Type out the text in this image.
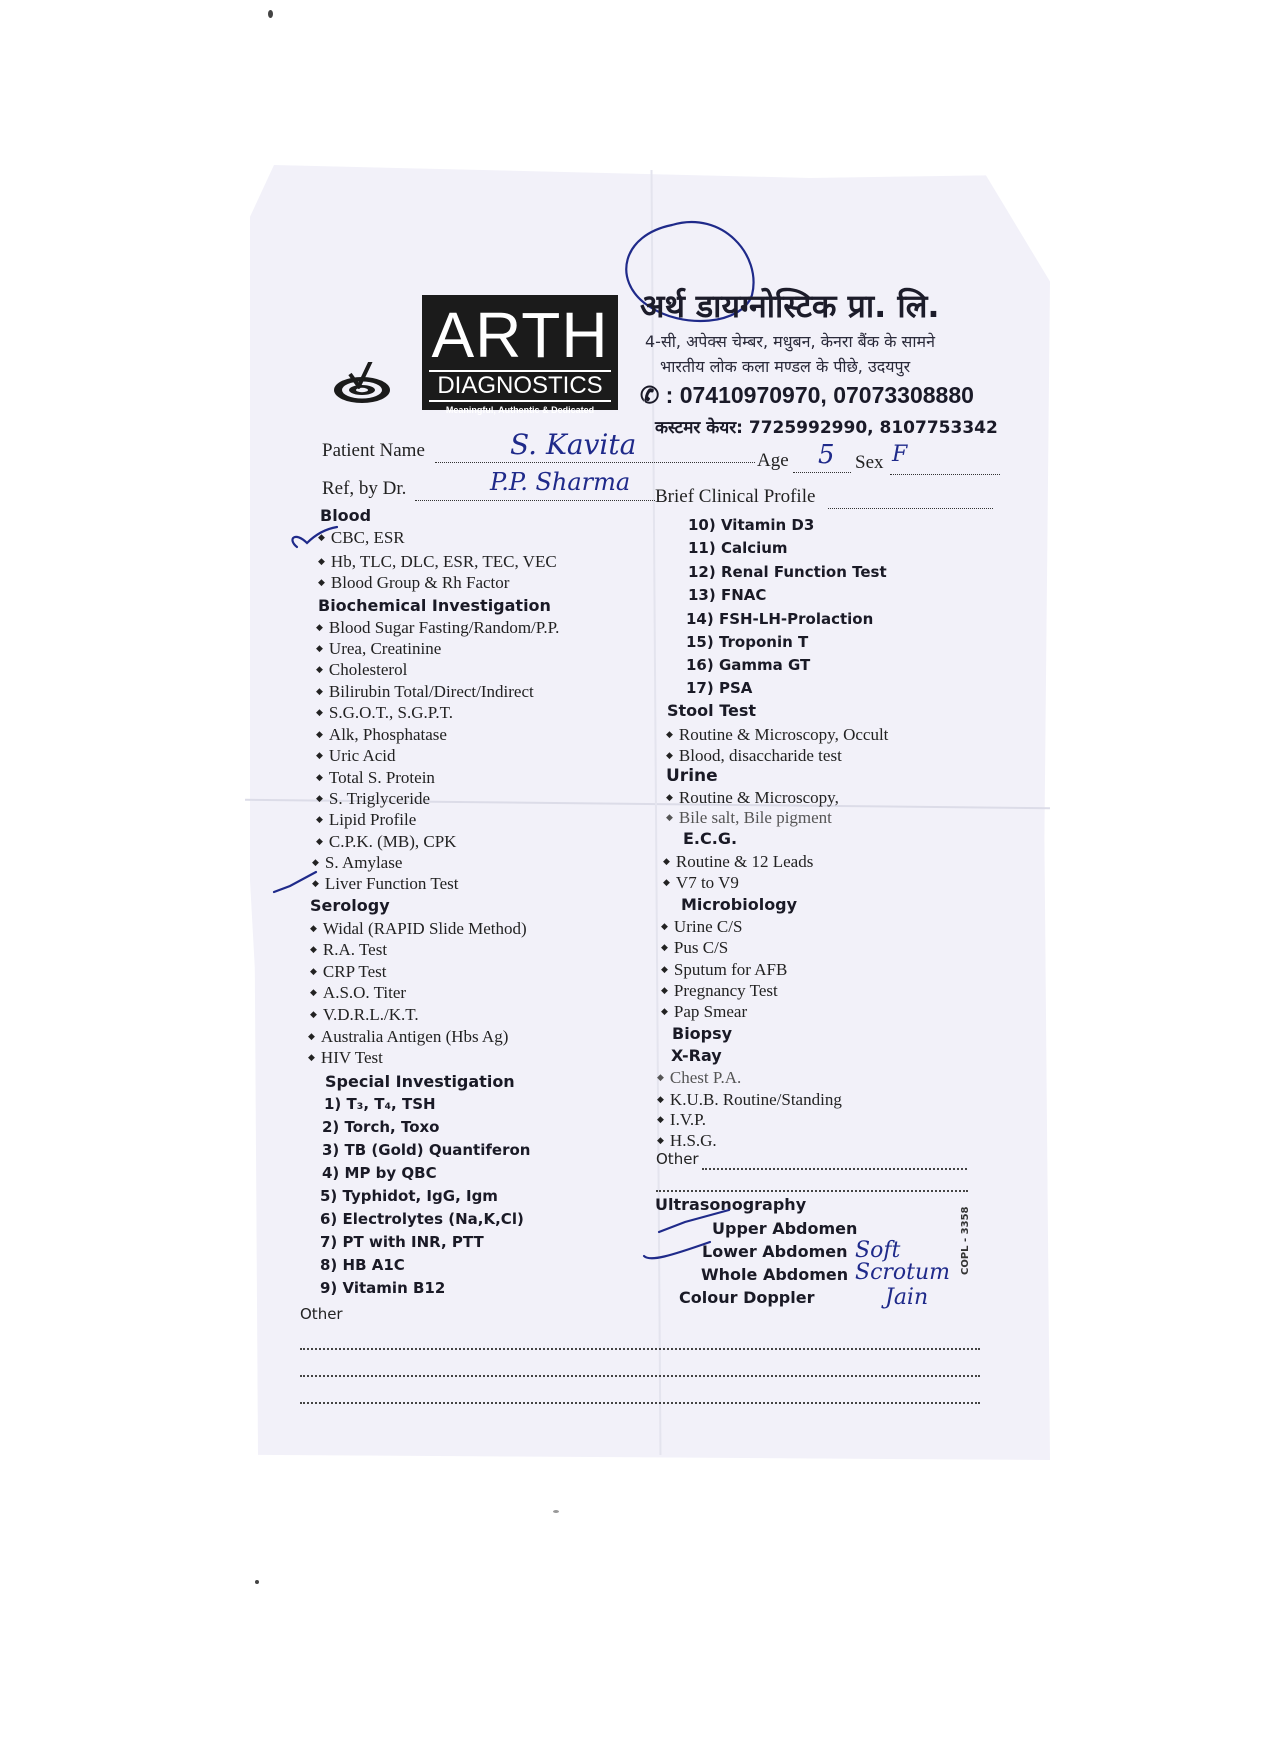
ARTH
DIAGNOSTICS
Meaningful, Authentic & Dedicated
अर्थ डायग्नोस्टिक प्रा. लि.
4-सी, अपेक्स चेम्बर, मधुबन, केनरा बैंक के सामने
भारतीय लोक कला मण्डल के पीछे, उदयपुर
✆ : 07410970970, 07073308880
कस्टमर केयर: 7725992990, 8107753342
Patient Name	S. Kavita	Age 5 Sex F
Ref, by Dr.	P.P. Sharma
Brief Clinical Profile
Blood
◆ CBC, ESR
◆ Hb, TLC, DLC, ESR, TEC, VEC
◆ Blood Group & Rh Factor
Biochemical Investigation
◆ Blood Sugar Fasting/Random/P.P.
◆ Urea, Creatinine
◆ Cholesterol
◆ Bilirubin Total/Direct/Indirect
◆ S.G.O.T., S.G.P.T.
◆ Alk, Phosphatase
◆ Uric Acid
◆ Total S. Protein
◆ S. Triglyceride
◆ Lipid Profile
◆ C.P.K. (MB), CPK
◆ S. Amylase
◆ Liver Function Test
Serology
◆ Widal (RAPID Slide Method)
◆ R.A. Test
◆ CRP Test
◆ A.S.O. Titer
◆ V.D.R.L./K.T.
◆ Australia Antigen (Hbs Ag)
◆ HIV Test
Special Investigation
1) T₃, T₄, TSH
2) Torch, Toxo
3) TB (Gold) Quantiferon
4) MP by QBC
5) Typhidot, IgG, Igm
6) Electrolytes (Na,K,Cl)
7) PT with INR, PTT
8) HB A1C
9) Vitamin B12
Other
10) Vitamin D3
11) Calcium
12) Renal Function Test
13) FNAC
14) FSH-LH-Prolaction
15) Troponin T
16) Gamma GT
17) PSA
Stool Test
◆ Routine & Microscopy, Occult
◆ Blood, disaccharide test
Urine
◆ Routine & Microscopy,
◆ Bile salt, Bile pigment
E.C.G.
◆ Routine & 12 Leads
◆ V7 to V9
Microbiology
◆ Urine C/S
◆ Pus C/S
◆ Sputum for AFB
◆ Pregnancy Test
◆ Pap Smear
Biopsy
X-Ray
◆ Chest P.A.
◆ K.U.B. Routine/Standing
◆ I.V.P.
◆ H.S.G.
Other
Ultrasonography
Upper Abdomen
Lower Abdomen
Whole Abdomen
Colour Doppler
Soft
Scrotum
Jain
COPL - 3358
